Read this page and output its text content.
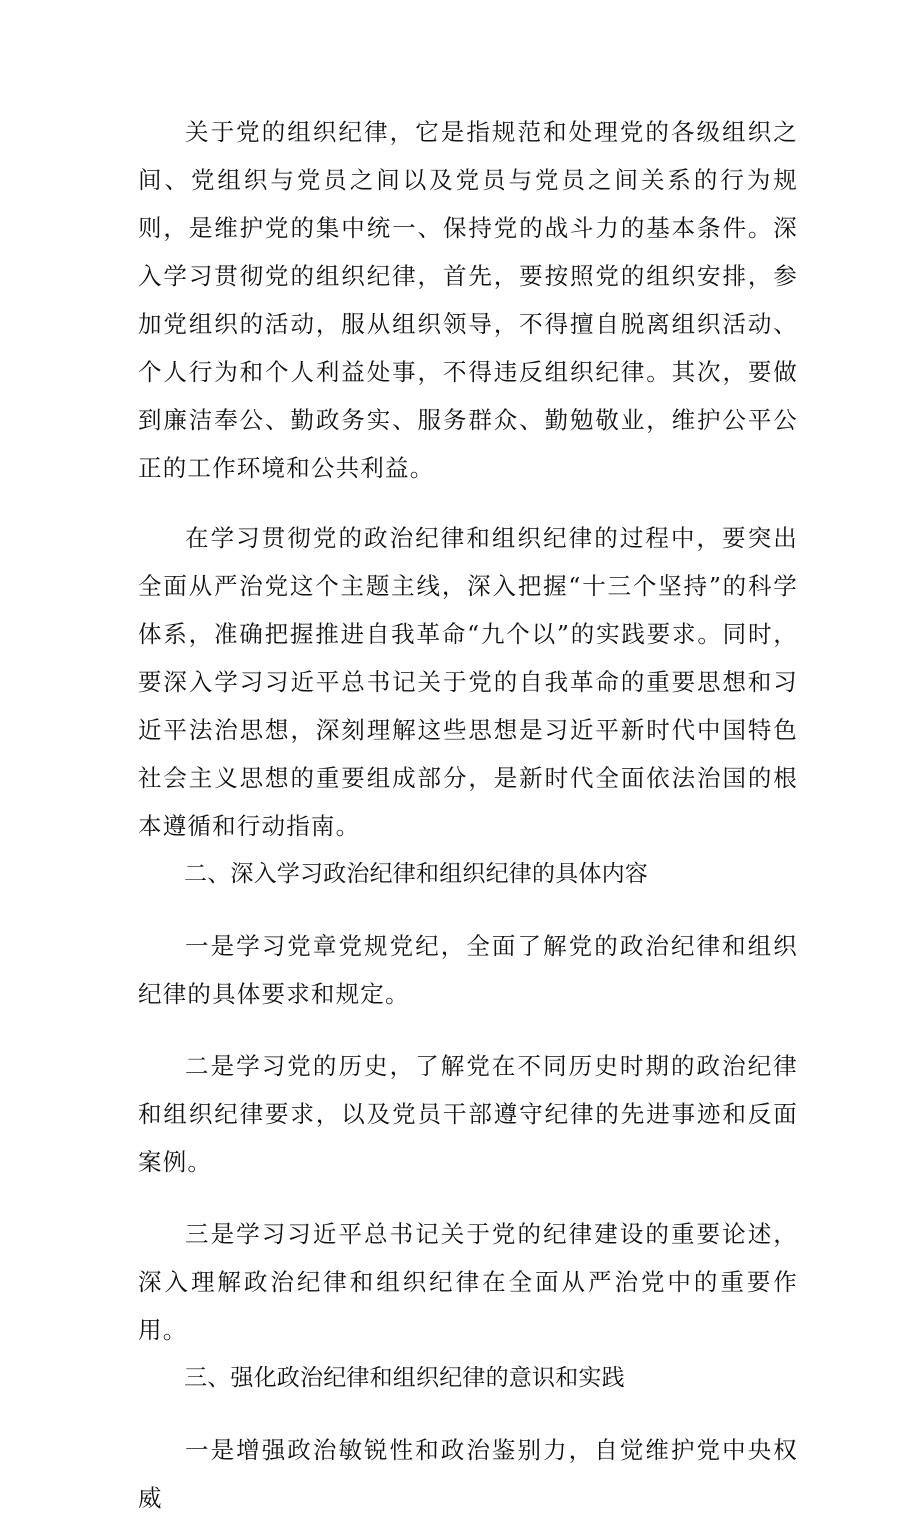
关于党的组织纪律，它是指规范和处理党的各级组织之间、党组织与党员之间以及党员与党员之间关系的行为规则，是维护党的集中统一、保持党的战斗力的基本条件。深入学习贯彻党的组织纪律，首先，要按照党的组织安排，参加党组织的活动，服从组织领导，不得擅自脱离组织活动、个人行为和个人利益处事，不得违反组织纪律。其次，要做到廉洁奉公、勤政务实、服务群众、勤勉敬业，维护公平公正的工作环境和公共利益。

在学习贯彻党的政治纪律和组织纪律的过程中，要突出全面从严治党这个主题主线，深入把握“十三个坚持”的科学体系，准确把握推进自我革命“九个以”的实践要求。同时，要深入学习习近平总书记关于党的自我革命的重要思想和习近平法治思想，深刻理解这些思想是习近平新时代中国特色社会主义思想的重要组成部分，是新时代全面依法治国的根本遵循和行动指南。

二、深入学习政治纪律和组织纪律的具体内容

一是学习党章党规党纪，全面了解党的政治纪律和组织纪律的具体要求和规定。

二是学习党的历史，了解党在不同历史时期的政治纪律和组织纪律要求，以及党员干部遵守纪律的先进事迹和反面案例。

三是学习习近平总书记关于党的纪律建设的重要论述，深入理解政治纪律和组织纪律在全面从严治党中的重要作用。

三、强化政治纪律和组织纪律的意识和实践

一是增强政治敏锐性和政治鉴别力，自觉维护党中央权威
